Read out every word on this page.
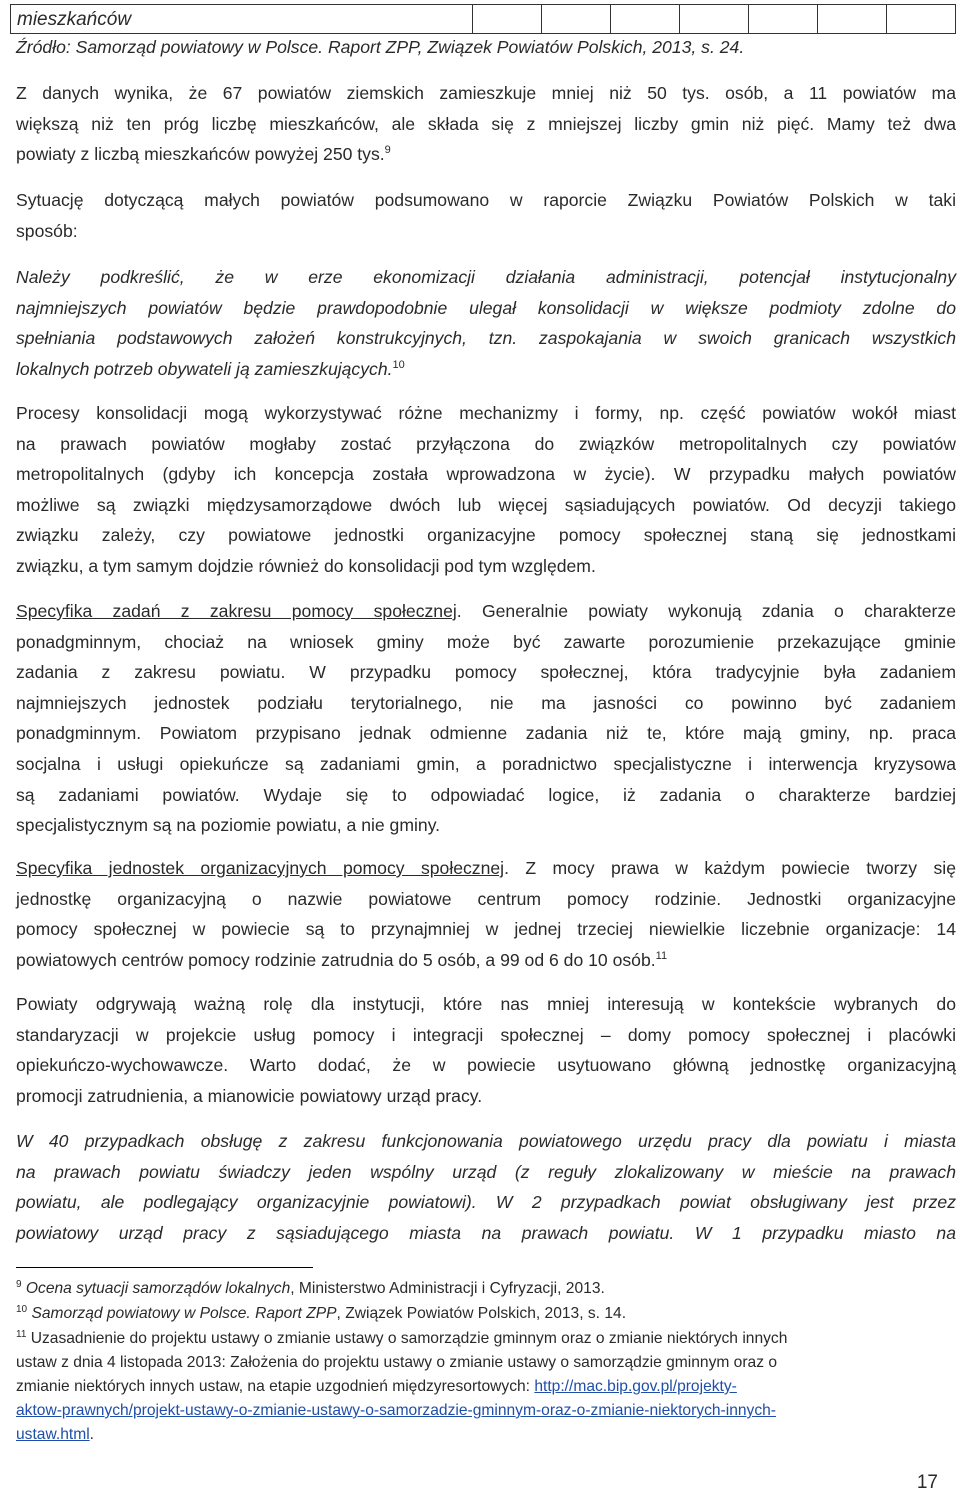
mieszkańców
Źródło: Samorząd powiatowy w Polsce. Raport ZPP, Związek Powiatów Polskich, 2013, s. 24.
Z danych wynika, że 67 powiatów ziemskich zamieszkuje mniej niż 50 tys. osób, a 11 powiatów ma
większą niż ten próg liczbę mieszkańców, ale składa się z mniejszej liczby gmin niż pięć. Mamy też dwa
powiaty z liczbą mieszkańców powyżej 250 tys.$^9$
Sytuację dotyczącą małych powiatów podsumowano w raporcie Związku Powiatów Polskich w taki
sposób:
Należy podkreślić, że w erze ekonomizacji działania administracji, potencjał instytucjonalny
najmniejszych powiatów będzie prawdopodobnie ulegał konsolidacji w większe podmioty zdolne do
spełniania podstawowych założeń konstrukcyjnych, tzn. zaspokajania w swoich granicach wszystkich
lokalnych potrzeb obywateli ją zamieszkujących.$^{10}$
Procesy konsolidacji mogą wykorzystywać różne mechanizmy i formy, np. część powiatów wokół miast
na prawach powiatów mogłaby zostać przyłączona do związków metropolitalnych czy powiatów
metropolitalnych (gdyby ich koncepcja została wprowadzona w życie). W przypadku małych powiatów
możliwe są związki międzysamorządowe dwóch lub więcej sąsiadujących powiatów. Od decyzji takiego
związku zależy, czy powiatowe jednostki organizacyjne pomocy społecznej staną się jednostkami
związku, a tym samym dojdzie również do konsolidacji pod tym względem.
Specyfika zadań z zakresu pomocy społecznej. Generalnie powiaty wykonują zdania o charakterze
ponadgminnym, chociaż na wniosek gminy może być zawarte porozumienie przekazujące gminie
zadania z zakresu powiatu. W przypadku pomocy społecznej, która tradycyjnie była zadaniem
najmniejszych jednostek podziału terytorialnego, nie ma jasności co powinno być zadaniem
ponadgminnym. Powiatom przypisano jednak odmienne zadania niż te, które mają gminy, np. praca
socjalna i usługi opiekuńcze są zadaniami gmin, a poradnictwo specjalistyczne i interwencja kryzysowa
są zadaniami powiatów. Wydaje się to odpowiadać logice, iż zadania o charakterze bardziej
specjalistycznym są na poziomie powiatu, a nie gminy.
Specyfika jednostek organizacyjnych pomocy społecznej. Z mocy prawa w każdym powiecie tworzy się
jednostkę organizacyjną o nazwie powiatowe centrum pomocy rodzinie. Jednostki organizacyjne
pomocy społecznej w powiecie są to przynajmniej w jednej trzeciej niewielkie liczebnie organizacje: 14
powiatowych centrów pomocy rodzinie zatrudnia do 5 osób, a 99 od 6 do 10 osób.$^{11}$
Powiaty odgrywają ważną rolę dla instytucji, które nas mniej interesują w kontekście wybranych do
standaryzacji w projekcie usług pomocy i integracji społecznej – domy pomocy społecznej i placówki
opiekuńczo-wychowawcze. Warto dodać, że w powiecie usytuowano główną jednostkę organizacyjną
promocji zatrudnienia, a mianowicie powiatowy urząd pracy.
W 40 przypadkach obsługę z zakresu funkcjonowania powiatowego urzędu pracy dla powiatu i miasta
na prawach powiatu świadczy jeden wspólny urząd (z reguły zlokalizowany w mieście na prawach
powiatu, ale podlegający organizacyjnie powiatowi). W 2 przypadkach powiat obsługiwany jest przez
powiatowy urząd pracy z sąsiadującego miasta na prawach powiatu. W 1 przypadku miasto na
$^9$ Ocena sytuacji samorządów lokalnych, Ministerstwo Administracji i Cyfryzacji, 2013.
$^{10}$ Samorząd powiatowy w Polsce. Raport ZPP, Związek Powiatów Polskich, 2013, s. 14.
$^{11}$ Uzasadnienie do projektu ustawy o zmianie ustawy o samorządzie gminnym oraz o zmianie niektórych innych
ustaw z dnia 4 listopada 2013: Założenia do projektu ustawy o zmianie ustawy o samorządzie gminnym oraz o
zmianie niektórych innych ustaw, na etapie uzgodnień międzyresortowych: http://mac.bip.gov.pl/projekty-
aktow-prawnych/projekt-ustawy-o-zmianie-ustawy-o-samorzadzie-gminnym-oraz-o-zmianie-niektorych-innych-
ustaw.html.
17
